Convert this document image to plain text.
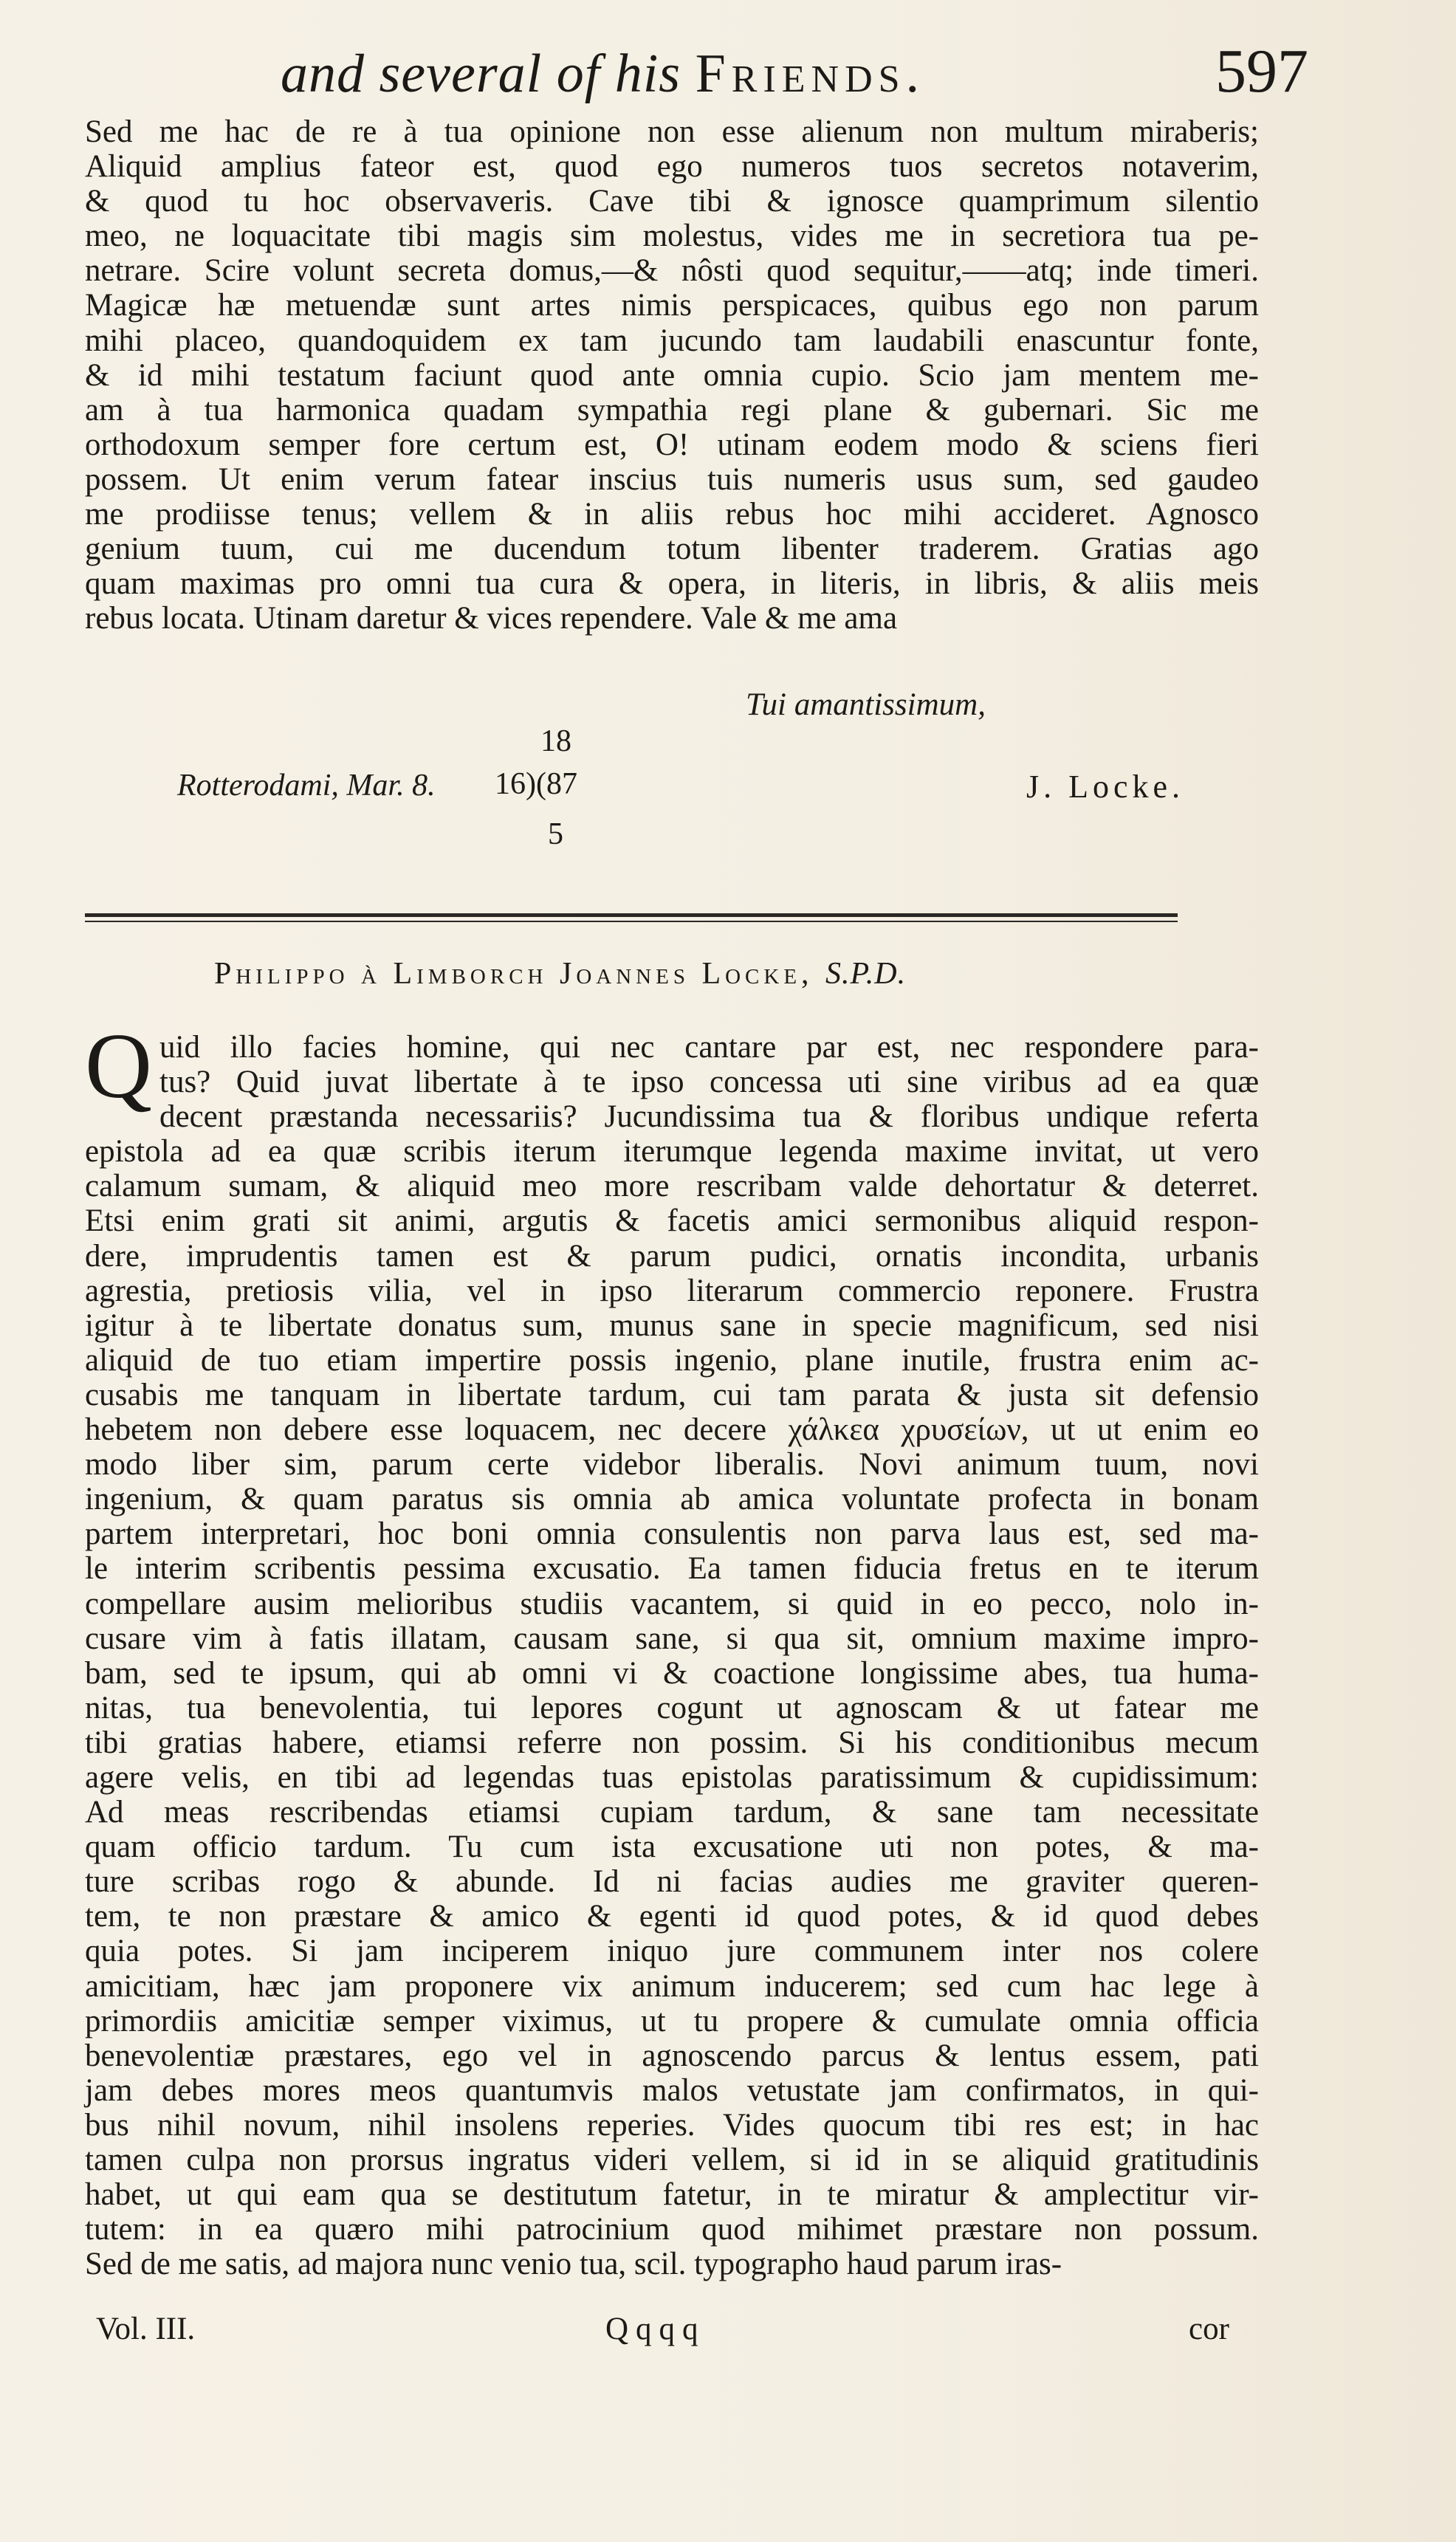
and several of his Friends.	597

Sed me hac de re à tua opinione non esse alienum non multum miraberis;

Aliquid amplius fateor est, quod ego numeros tuos secretos notaverim,

& quod tu hoc observaveris. Cave tibi & ignosce quamprimum silentio

meo, ne loquacitate tibi magis sim molestus, vides me in secretiora tua pe-

netrare. Scire volunt secreta domus,—& nôsti quod sequitur,——atq; inde timeri.

Magicæ hæ metuendæ sunt artes nimis perspicaces, quibus ego non parum

mihi placeo, quandoquidem ex tam jucundo tam laudabili enascuntur fonte,

& id mihi testatum faciunt quod ante omnia cupio. Scio jam mentem me-

am à tua harmonica quadam sympathia regi plane & gubernari. Sic me

orthodoxum semper fore certum est, O! utinam eodem modo & sciens fieri

possem. Ut enim verum fatear inscius tuis numeris usus sum, sed gaudeo

me prodiisse tenus; vellem & in aliis rebus hoc mihi accideret. Agnosco

genium tuum, cui me ducendum totum libenter traderem. Gratias ago

quam maximas pro omni tua cura & opera, in literis, in libris, & aliis meis

rebus locata. Utinam daretur & vices rependere. Vale & me ama

Tui amantissimum,
Rotterodami, Mar. 8.
18
16)(87
5
J. Locke.
Philippo à Limborch Joannes Locke, S.P.D.
Q uid illo facies homine, qui nec cantare par est, nec respondere para-

tus? Quid juvat libertate à te ipso concessa uti sine viribus ad ea quæ

decent præstanda necessariis? Jucundissima tua & floribus undique referta

epistola ad ea quæ scribis iterum iterumque legenda maxime invitat, ut vero

calamum sumam, & aliquid meo more rescribam valde dehortatur & deterret.

Etsi enim grati sit animi, argutis & facetis amici sermonibus aliquid respon-

dere, imprudentis tamen est & parum pudici, ornatis incondita, urbanis

agrestia, pretiosis vilia, vel in ipso literarum commercio reponere. Frustra

igitur à te libertate donatus sum, munus sane in specie magnificum, sed nisi

aliquid de tuo etiam impertire possis ingenio, plane inutile, frustra enim ac-

cusabis me tanquam in libertate tardum, cui tam parata & justa sit defensio

hebetem non debere esse loquacem, nec decere χάλκεα χρυσείων, ut ut enim eo

modo liber sim, parum certe videbor liberalis. Novi animum tuum, novi

ingenium, & quam paratus sis omnia ab amica voluntate profecta in bonam

partem interpretari, hoc boni omnia consulentis non parva laus est, sed ma-

le interim scribentis pessima excusatio. Ea tamen fiducia fretus en te iterum

compellare ausim melioribus studiis vacantem, si quid in eo pecco, nolo in-

cusare vim à fatis illatam, causam sane, si qua sit, omnium maxime impro-

bam, sed te ipsum, qui ab omni vi & coactione longissime abes, tua huma-

nitas, tua benevolentia, tui lepores cogunt ut agnoscam & ut fatear me

tibi gratias habere, etiamsi referre non possim. Si his conditionibus mecum

agere velis, en tibi ad legendas tuas epistolas paratissimum & cupidissimum:

Ad meas rescribendas etiamsi cupiam tardum, & sane tam necessitate

quam officio tardum. Tu cum ista excusatione uti non potes, & ma-

ture scribas rogo & abunde. Id ni facias audies me graviter queren-

tem, te non præstare & amico & egenti id quod potes, & id quod debes

quia potes. Si jam inciperem iniquo jure communem inter nos colere

amicitiam, hæc jam proponere vix animum inducerem; sed cum hac lege à

primordiis amicitiæ semper viximus, ut tu propere & cumulate omnia officia

benevolentiæ præstares, ego vel in agnoscendo parcus & lentus essem, pati

jam debes mores meos quantumvis malos vetustate jam confirmatos, in qui-

bus nihil novum, nihil insolens reperies. Vides quocum tibi res est; in hac

tamen culpa non prorsus ingratus videri vellem, si id in se aliquid gratitudinis

habet, ut qui eam qua se destitutum fatetur, in te miratur & amplectitur vir-

tutem: in ea quæro mihi patrocinium quod mihimet præstare non possum.

Sed de me satis, ad majora nunc venio tua, scil. typographo haud parum iras-

Vol. III.	Qqqq	cor
